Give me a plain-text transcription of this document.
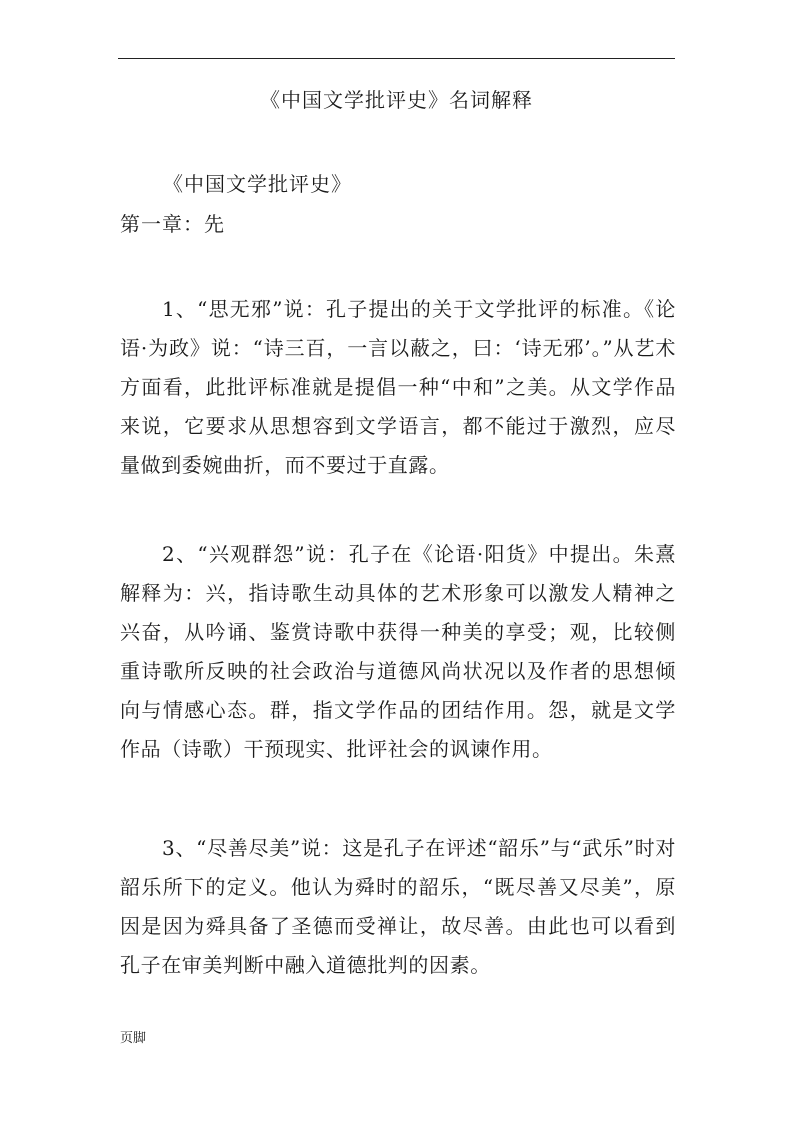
《中国文学批评史》名词解释
《中国文学批评史》
第一章：先

1、“思无邪”说：孔子提出的关于文学批评的标准。《论语·为政》说：“诗三百，一言以蔽之，曰：‘诗无邪’。”从艺术方面看，此批评标准就是提倡一种“中和”之美。从文学作品来说，它要求从思想容到文学语言，都不能过于激烈，应尽量做到委婉曲折，而不要过于直露。

2、“兴观群怨”说：孔子在《论语·阳货》中提出。朱熹解释为：兴，指诗歌生动具体的艺术形象可以激发人精神之兴奋，从吟诵、鉴赏诗歌中获得一种美的享受；观，比较侧重诗歌所反映的社会政治与道德风尚状况以及作者的思想倾向与情感心态。群，指文学作品的团结作用。怨，就是文学作品（诗歌）干预现实、批评社会的讽谏作用。

3、“尽善尽美”说：这是孔子在评述“韶乐”与“武乐”时对韶乐所下的定义。他认为舜时的韶乐，“既尽善又尽美”，原因是因为舜具备了圣德而受禅让，故尽善。由此也可以看到孔子在审美判断中融入道德批判的因素。

页脚
